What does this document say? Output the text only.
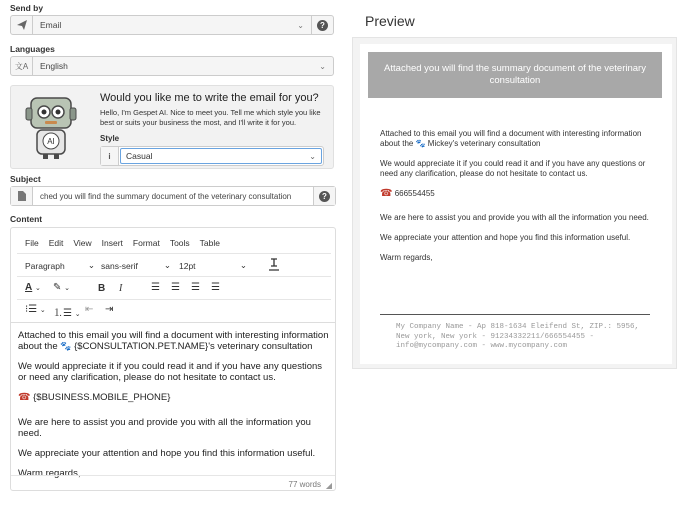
Send by
Email	⌄	?
Languages
文A	English	⌄
AI
Would you like me to write the email for you?
Hello, I'm Gespet AI. Nice to meet you. Tell me which style you like best or suits your business the most, and I'll write it for you.
Style
i	Casual	⌄
Subject
ched you will find the summary document of the veterinary consultation	?
Content
File Edit View Insert Format Tools Table
Paragraph	⌄ sans-serif	⌄ 12pt	⌄
A ⌄ ✎ ⌄	B I	☰ ☰ ☰ ☰
⁝☰ ⌄ ⒈☰ ⌄ ⇤ ⇥

Attached to this email you will find a document with interesting information

about the 🐾 {$CONSULTATION.PET.NAME}'s veterinary consultation

We would appreciate it if you could read it and if you have any questions or need any clarification, please do not hesitate to contact us.

☎ {$BUSINESS.MOBILE_PHONE}

We are here to assist you and provide you with all the information you need.

We appreciate your attention and hope you find this information useful.

Warm regards,

77 words ◢
Preview
Attached you will find the summary document of the veterinary consultation

Attached to this email you will find a document with interesting information

about the 🐾 Mickey's veterinary consultation

We would appreciate it if you could read it and if you have any questions or need any clarification, please do not hesitate to contact us.

☎ 666554455

We are here to assist you and provide you with all the information you need.

We appreciate your attention and hope you find this information useful.

Warm regards,

My Company Name - Ap 818-1634 Eleifend St, ZIP.: 5956, New york, New york - 91234332211/666554455 - info@mycompany.com - www.mycompany.com
